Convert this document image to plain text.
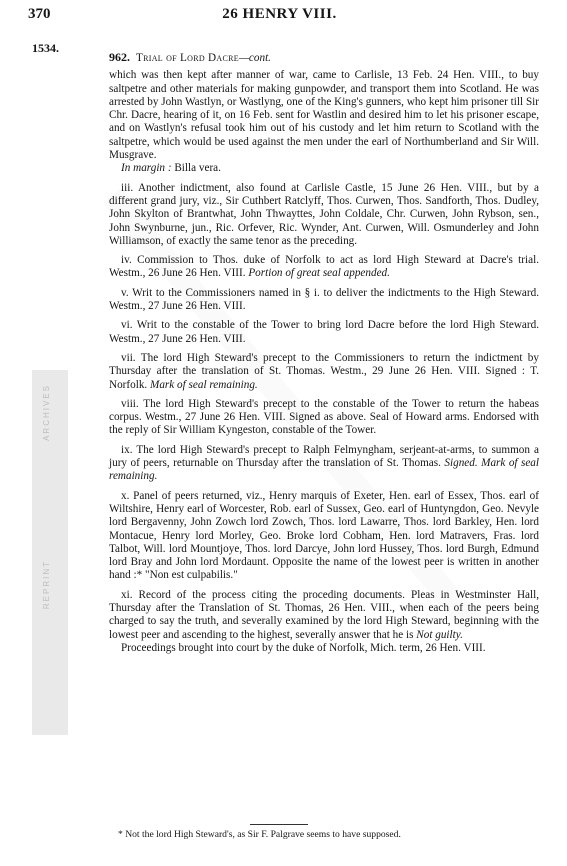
ARCHIVES
REPRINT
370	26 HENRY VIII.
1534.
962. Trial of Lord Dacre—cont.

which was then kept after manner of war, came to Carlisle, 13 Feb. 24 Hen. VIII., to buy saltpetre and other materials for making gunpowder, and transport them into Scotland. He was arrested by John Wastlyn, or Wastlyng, one of the King's gunners, who kept him prisoner till Sir Chr. Dacre, hearing of it, on 16 Feb. sent for Wastlin and desired him to let his prisoner escape, and on Wastlyn's refusal took him out of his custody and let him return to Scotland with the saltpetre, which would be used against the men under the earl of Northumberland and Sir Will. Musgrave.

In margin : Billa vera.

iii. Another indictment, also found at Carlisle Castle, 15 June 26 Hen. VIII., but by a different grand jury, viz., Sir Cuthbert Ratclyff, Thos. Curwen, Thos. Sandforth, Thos. Dudley, John Skylton of Brantwhat, John Thwayttes, John Coldale, Chr. Curwen, John Rybson, sen., John Swynburne, jun., Ric. Orfever, Ric. Wynder, Ant. Curwen, Will. Osmunderley and John Williamson, of exactly the same tenor as the preceding.

iv. Commission to Thos. duke of Norfolk to act as lord High Steward at Dacre's trial. Westm., 26 June 26 Hen. VIII. Portion of great seal appended.

v. Writ to the Commissioners named in § i. to deliver the indictments to the High Steward. Westm., 27 June 26 Hen. VIII.

vi. Writ to the constable of the Tower to bring lord Dacre before the lord High Steward. Westm., 27 June 26 Hen. VIII.

vii. The lord High Steward's precept to the Commissioners to return the indictment by Thursday after the translation of St. Thomas. Westm., 29 June 26 Hen. VIII. Signed : T. Norfolk. Mark of seal remaining.

viii. The lord High Steward's precept to the constable of the Tower to return the habeas corpus. Westm., 27 June 26 Hen. VIII. Signed as above. Seal of Howard arms. Endorsed with the reply of Sir William Kyngeston, constable of the Tower.

ix. The lord High Steward's precept to Ralph Felmyngham, serjeant-at-arms, to summon a jury of peers, returnable on Thursday after the translation of St. Thomas. Signed. Mark of seal remaining.

x. Panel of peers returned, viz., Henry marquis of Exeter, Hen. earl of Essex, Thos. earl of Wiltshire, Henry earl of Worcester, Rob. earl of Sussex, Geo. earl of Huntyngdon, Geo. Nevyle lord Bergavenny, John Zowch lord Zowch, Thos. lord Lawarre, Thos. lord Barkley, Hen. lord Montacue, Henry lord Morley, Geo. Broke lord Cobham, Hen. lord Matravers, Fras. lord Talbot, Will. lord Mountjoye, Thos. lord Darcye, John lord Hussey, Thos. lord Burgh, Edmund lord Bray and John lord Mordaunt. Opposite the name of the lowest peer is written in another hand :* "Non est culpabilis."

xi. Record of the process citing the proceding documents. Pleas in Westminster Hall, Thursday after the Translation of St. Thomas, 26 Hen. VIII., when each of the peers being charged to say the truth, and severally examined by the lord High Steward, beginning with the lowest peer and ascending to the highest, severally answer that he is Not guilty.

Proceedings brought into court by the duke of Norfolk, Mich. term, 26 Hen. VIII.

* Not the lord High Steward's, as Sir F. Palgrave seems to have supposed.
